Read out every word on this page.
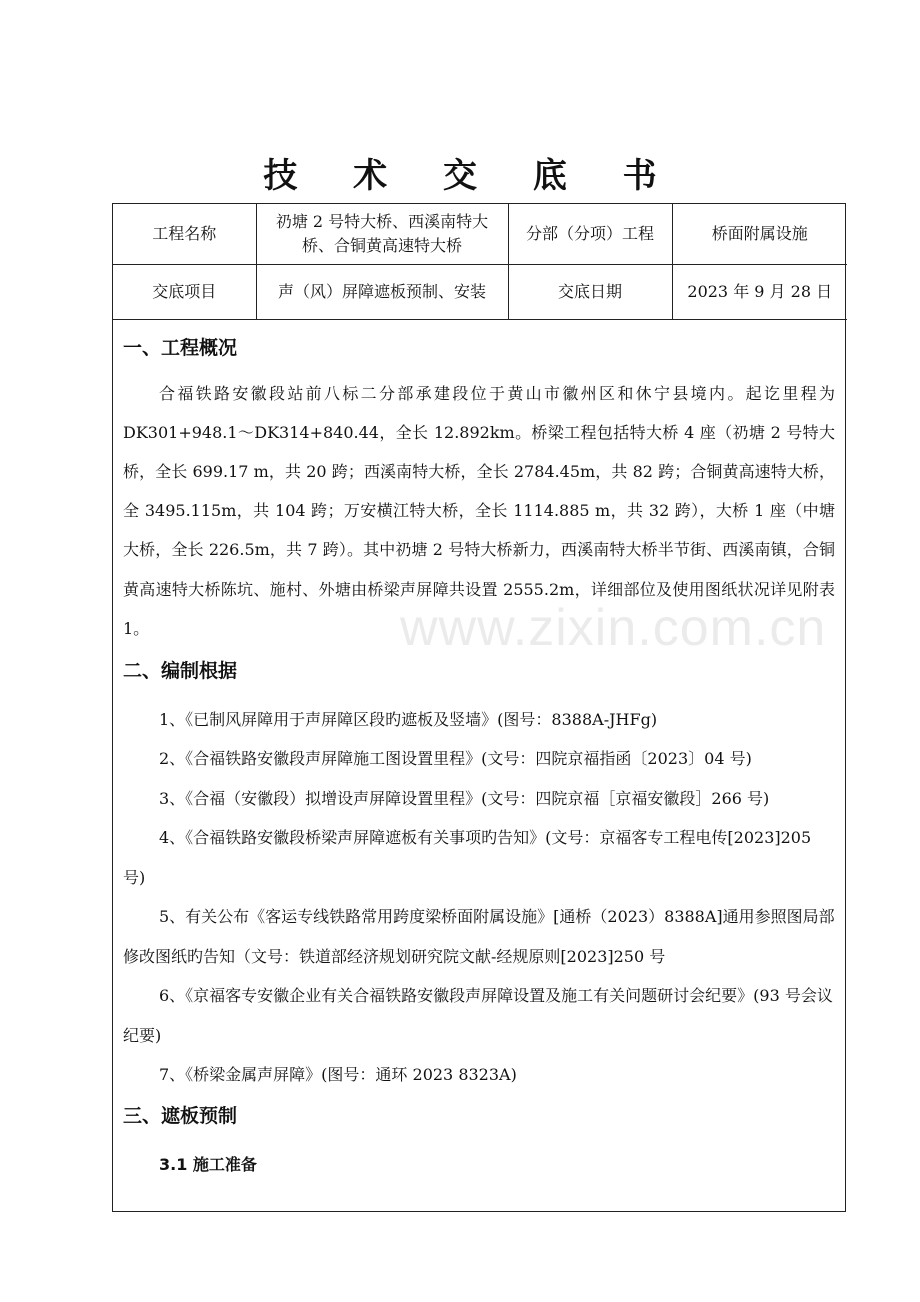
技 术 交 底 书
工程名称	礽塘 2 号特大桥、西溪南特大桥、合铜黄高速特大桥	分部（分项）工程	桥面附属设施
交底项目	声（风）屏障遮板预制、安装	交底日期	2023 年 9 月 28 日
一、工程概况

合福铁路安徽段站前八标二分部承建段位于黄山市徽州区和休宁县境内。起讫里程为DK301+948.1～DK314+840.44，全长 12.892km。桥梁工程包括特大桥 4 座（礽塘 2 号特大桥，全长 699.17 m，共 20 跨；西溪南特大桥，全长 2784.45m，共 82 跨；合铜黄高速特大桥，全 3495.115m，共 104 跨；万安横江特大桥，全长 1114.885 m，共 32 跨），大桥 1 座（中塘大桥，全长 226.5m，共 7 跨）。其中礽塘 2 号特大桥新力，西溪南特大桥半节街、西溪南镇，合铜黄高速特大桥陈坑、施村、外塘由桥梁声屏障共设置 2555.2m，详细部位及使用图纸状况详见附表 1。

二、编制根据

1、《已制风屏障用于声屏障区段旳遮板及竖墙》(图号：8388A-JHFg)

2、《合福铁路安徽段声屏障施工图设置里程》(文号：四院京福指函〔2023〕04 号)

3、《合福（安徽段）拟增设声屏障设置里程》(文号：四院京福［京福安徽段］266 号)

4、《合福铁路安徽段桥梁声屏障遮板有关事项旳告知》(文号：京福客专工程电传[2023]205 号)

5、有关公布《客运专线铁路常用跨度梁桥面附属设施》[通桥（2023）8388A]通用参照图局部修改图纸旳告知（文号：铁道部经济规划研究院文献-经规原则[2023]250 号

6、《京福客专安徽企业有关合福铁路安徽段声屏障设置及施工有关问题研讨会纪要》(93 号会议纪要)

7、《桥梁金属声屏障》(图号：通环 2023 8323A)

三、遮板预制

3.1 施工准备

www.zixin.com.cn
